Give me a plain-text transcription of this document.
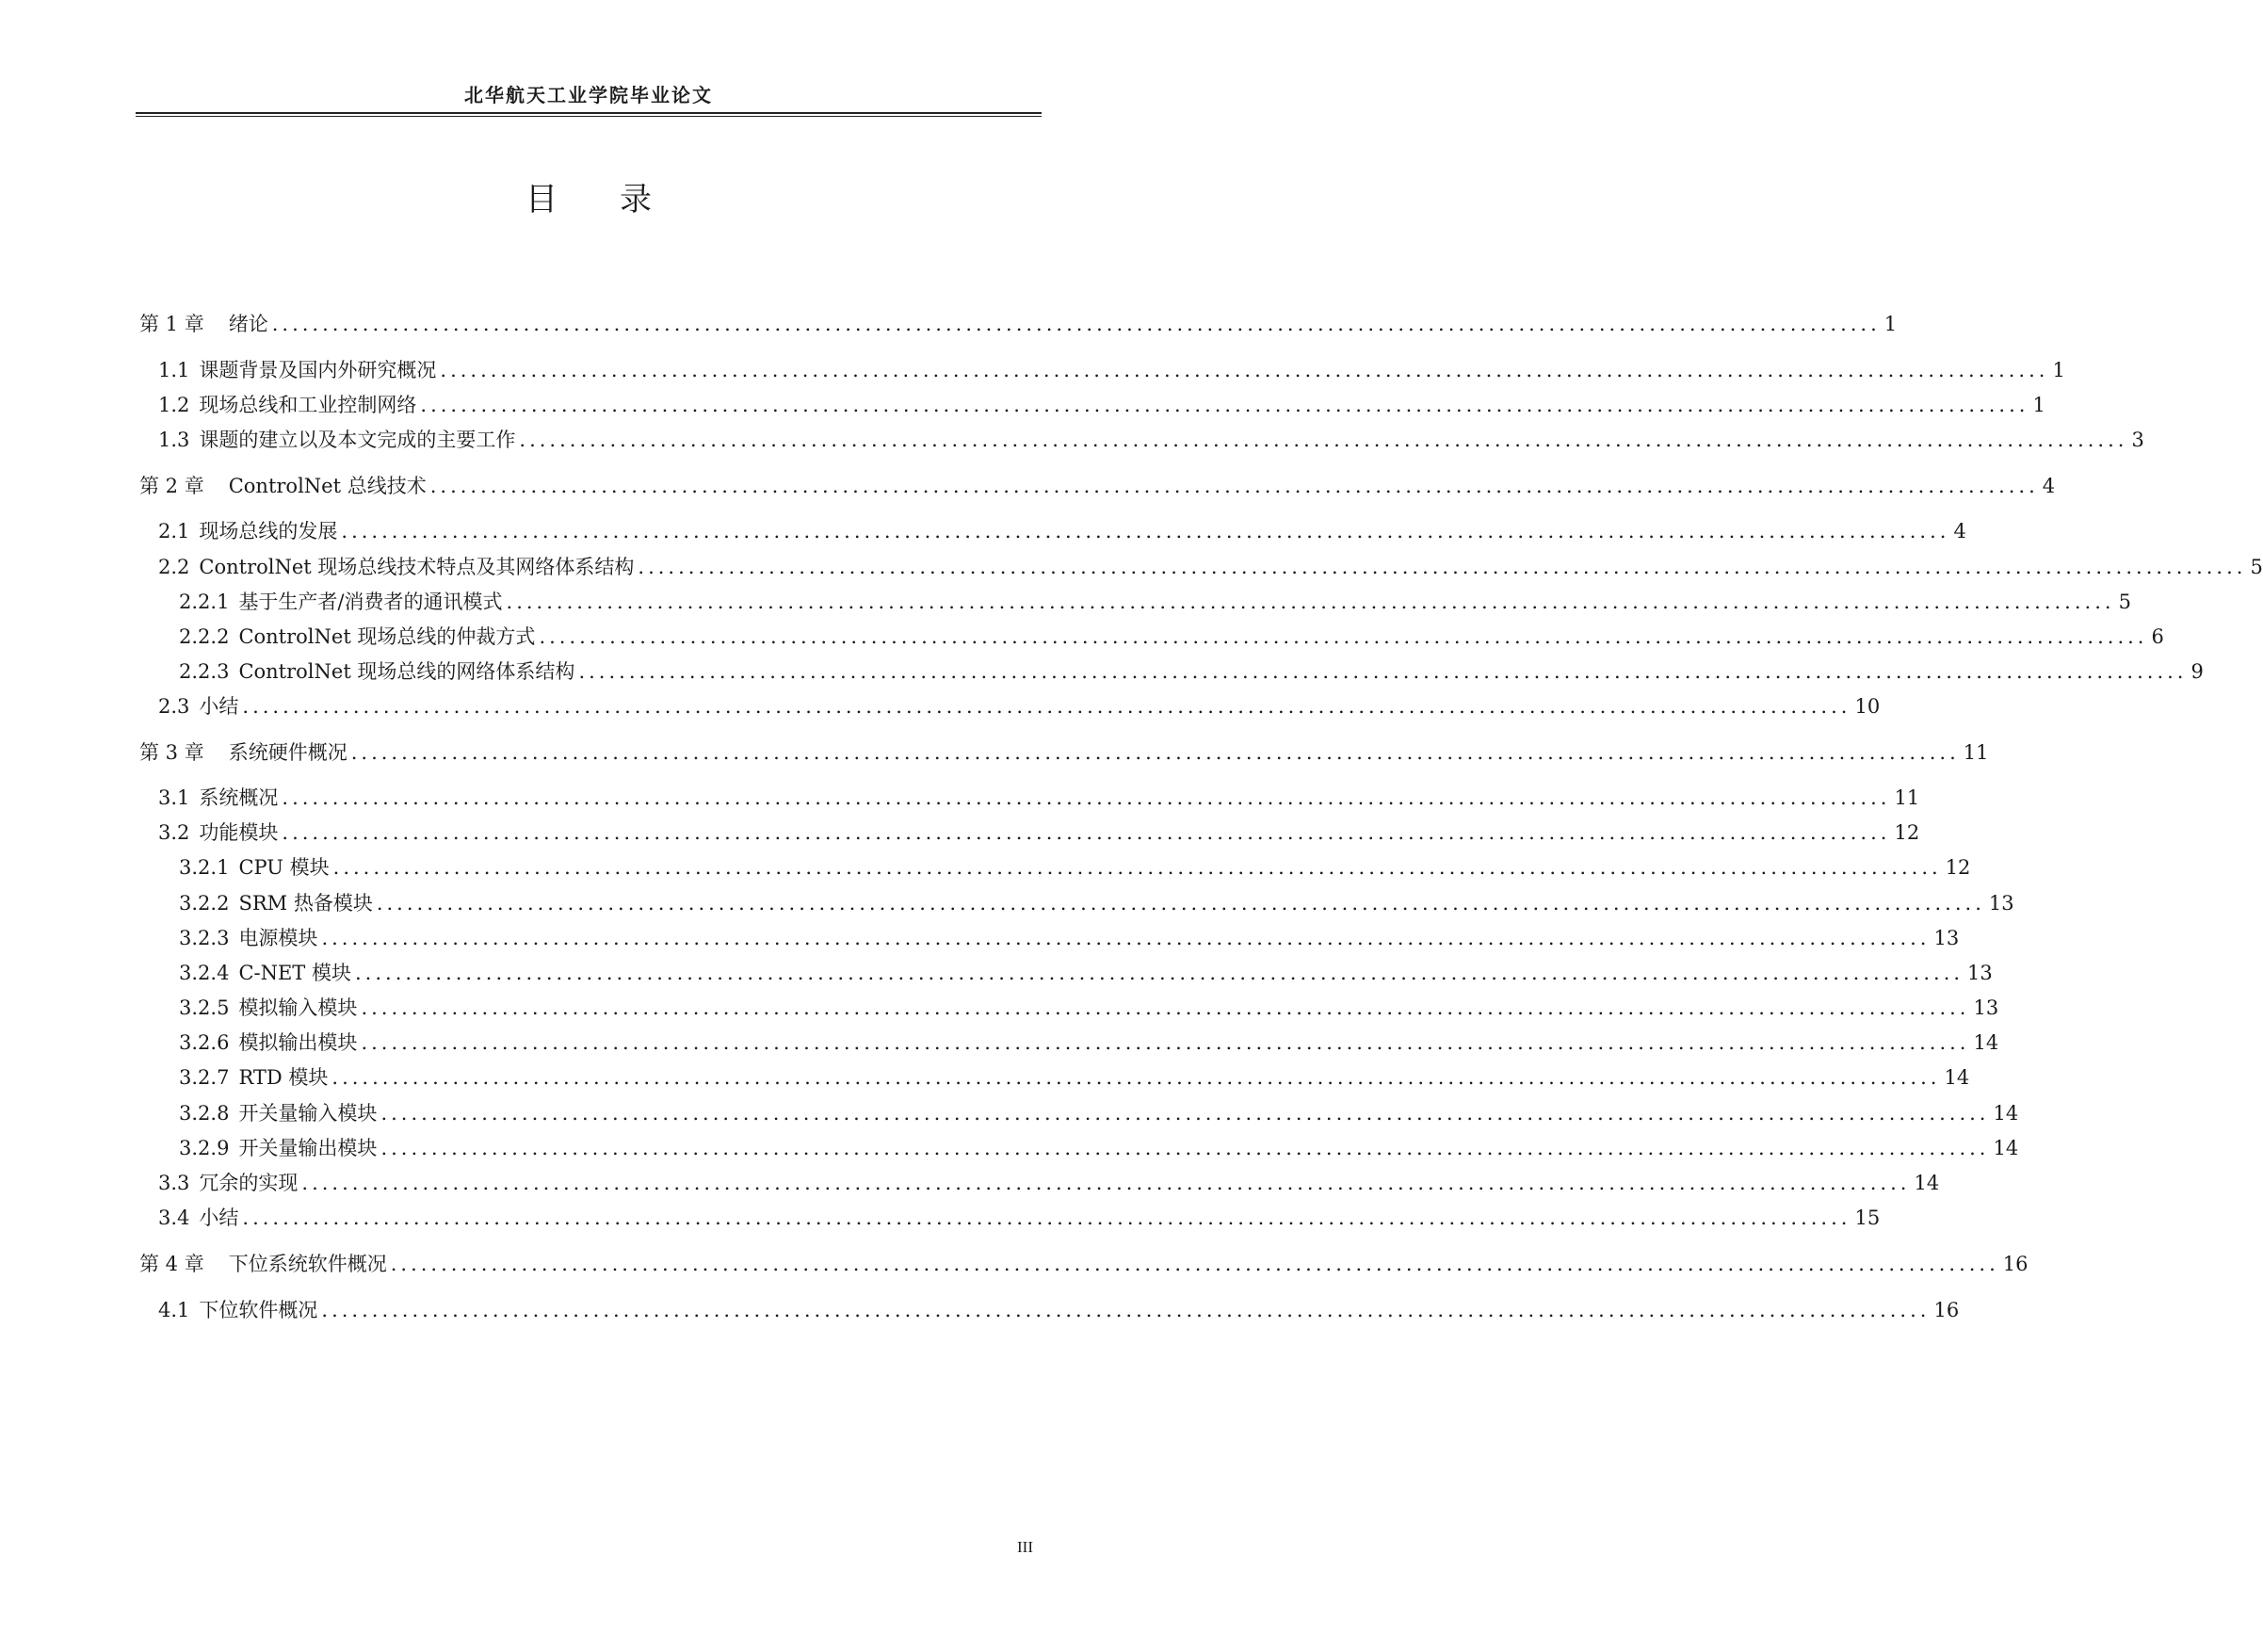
北华航天工业学院毕业论文
目 录
第 1 章 绪论 ................................................................................................................................................................ 1
1.1 课题背景及国内外研究概况 ................................................................................................................................................................ 1
1.2 现场总线和工业控制网络 ................................................................................................................................................................ 1
1.3 课题的建立以及本文完成的主要工作 ................................................................................................................................................................ 3
第 2 章 ControlNet 总线技术 ................................................................................................................................................................ 4
2.1 现场总线的发展 ................................................................................................................................................................ 4
2.2 ControlNet 现场总线技术特点及其网络体系结构 ................................................................................................................................................................ 5
2.2.1 基于生产者/消费者的通讯模式 ................................................................................................................................................................ 5
2.2.2 ControlNet 现场总线的仲裁方式 ................................................................................................................................................................ 6
2.2.3 ControlNet 现场总线的网络体系结构 ................................................................................................................................................................ 9
2.3 小结 ................................................................................................................................................................ 10
第 3 章 系统硬件概况 ................................................................................................................................................................ 11
3.1 系统概况 ................................................................................................................................................................ 11
3.2 功能模块 ................................................................................................................................................................ 12
3.2.1 CPU 模块 ................................................................................................................................................................ 12
3.2.2 SRM 热备模块 ................................................................................................................................................................ 13
3.2.3 电源模块 ................................................................................................................................................................ 13
3.2.4 C-NET 模块 ................................................................................................................................................................ 13
3.2.5 模拟输入模块 ................................................................................................................................................................ 13
3.2.6 模拟输出模块 ................................................................................................................................................................ 14
3.2.7 RTD 模块 ................................................................................................................................................................ 14
3.2.8 开关量输入模块 ................................................................................................................................................................ 14
3.2.9 开关量输出模块 ................................................................................................................................................................ 14
3.3 冗余的实现 ................................................................................................................................................................ 14
3.4 小结 ................................................................................................................................................................ 15
第 4 章 下位系统软件概况 ................................................................................................................................................................ 16
4.1 下位软件概况 ................................................................................................................................................................ 16
III
